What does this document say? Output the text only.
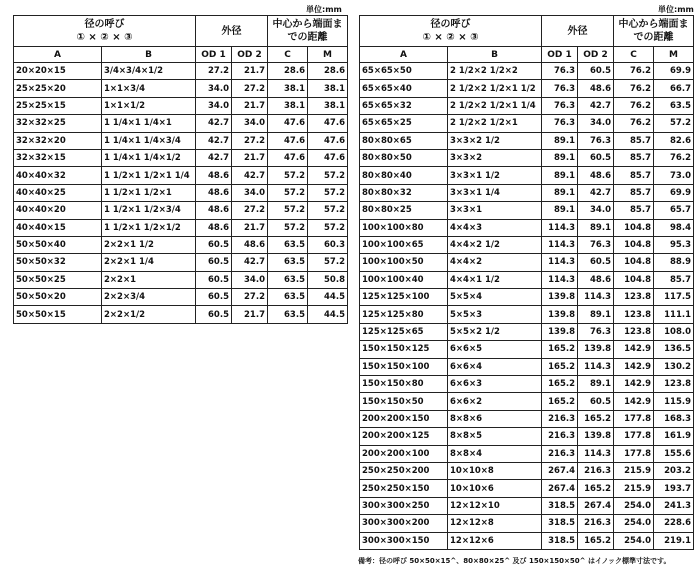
単位:mm	単位:mm
径の呼び
① × ② × ③		外径		中心から端面までの距離	
A	B	OD 1	OD 2	C	M
20×20×15	3/4×3/4×1/2	27.2	21.7	28.6	28.6
25×25×20	1×1×3/4	34.0	27.2	38.1	38.1
25×25×15	1×1×1/2	34.0	21.7	38.1	38.1
32×32×25	1 1/4×1 1/4×1	42.7	34.0	47.6	47.6
32×32×20	1 1/4×1 1/4×3/4	42.7	27.2	47.6	47.6
32×32×15	1 1/4×1 1/4×1/2	42.7	21.7	47.6	47.6
40×40×32	1 1/2×1 1/2×1 1/4	48.6	42.7	57.2	57.2
40×40×25	1 1/2×1 1/2×1	48.6	34.0	57.2	57.2
40×40×20	1 1/2×1 1/2×3/4	48.6	27.2	57.2	57.2
40×40×15	1 1/2×1 1/2×1/2	48.6	21.7	57.2	57.2
50×50×40	2×2×1 1/2	60.5	48.6	63.5	60.3
50×50×32	2×2×1 1/4	60.5	42.7	63.5	57.2
50×50×25	2×2×1	60.5	34.0	63.5	50.8
50×50×20	2×2×3/4	60.5	27.2	63.5	44.5
50×50×15	2×2×1/2	60.5	21.7	63.5	44.5
径の呼び
① × ② × ③		外径		中心から端面までの距離	
A	B	OD 1	OD 2	C	M
65×65×50	2 1/2×2 1/2×2	76.3	60.5	76.2	69.9
65×65×40	2 1/2×2 1/2×1 1/2	76.3	48.6	76.2	66.7
65×65×32	2 1/2×2 1/2×1 1/4	76.3	42.7	76.2	63.5
65×65×25	2 1/2×2 1/2×1	76.3	34.0	76.2	57.2
80×80×65	3×3×2 1/2	89.1	76.3	85.7	82.6
80×80×50	3×3×2	89.1	60.5	85.7	76.2
80×80×40	3×3×1 1/2	89.1	48.6	85.7	73.0
80×80×32	3×3×1 1/4	89.1	42.7	85.7	69.9
80×80×25	3×3×1	89.1	34.0	85.7	65.7
100×100×80	4×4×3	114.3	89.1	104.8	98.4
100×100×65	4×4×2 1/2	114.3	76.3	104.8	95.3
100×100×50	4×4×2	114.3	60.5	104.8	88.9
100×100×40	4×4×1 1/2	114.3	48.6	104.8	85.7
125×125×100	5×5×4	139.8	114.3	123.8	117.5
125×125×80	5×5×3	139.8	89.1	123.8	111.1
125×125×65	5×5×2 1/2	139.8	76.3	123.8	108.0
150×150×125	6×6×5	165.2	139.8	142.9	136.5
150×150×100	6×6×4	165.2	114.3	142.9	130.2
150×150×80	6×6×3	165.2	89.1	142.9	123.8
150×150×50	6×6×2	165.2	60.5	142.9	115.9
200×200×150	8×8×6	216.3	165.2	177.8	168.3
200×200×125	8×8×5	216.3	139.8	177.8	161.9
200×200×100	8×8×4	216.3	114.3	177.8	155.6
250×250×200	10×10×8	267.4	216.3	215.9	203.2
250×250×150	10×10×6	267.4	165.2	215.9	193.7
300×300×250	12×12×10	318.5	267.4	254.0	241.3
300×300×200	12×12×8	318.5	216.3	254.0	228.6
300×300×150	12×12×6	318.5	165.2	254.0	219.1
備考：径の呼び 50×50×15^、80×80×25^ 及び 150×150×50^ はイノック標準寸法です。
